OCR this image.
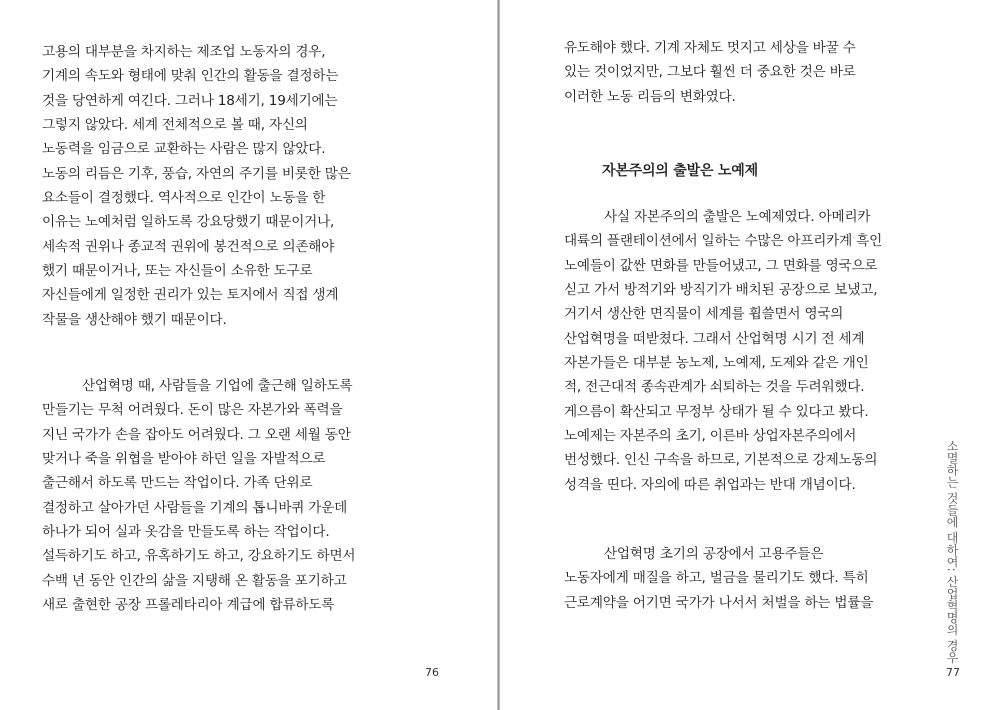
고용의 대부분을 차지하는 제조업 노동자의 경우,
기계의 속도와 형태에 맞춰 인간의 활동을 결정하는
것을 당연하게 여긴다. 그러나 18세기, 19세기에는
그렇지 않았다. 세계 전체적으로 볼 때, 자신의
노동력을 임금으로 교환하는 사람은 많지 않았다.
노동의 리듬은 기후, 풍습, 자연의 주기를 비롯한 많은
요소들이 결정했다. 역사적으로 인간이 노동을 한
이유는 노예처럼 일하도록 강요당했기 때문이거나,
세속적 권위나 종교적 권위에 봉건적으로 의존해야
했기 때문이거나, 또는 자신들이 소유한 도구로
자신들에게 일정한 권리가 있는 토지에서 직접 생계
작물을 생산해야 했기 때문이다.
산업혁명 때, 사람들을 기업에 출근해 일하도록
만들기는 무척 어려웠다. 돈이 많은 자본가와 폭력을
지닌 국가가 손을 잡아도 어려웠다. 그 오랜 세월 동안
맞거나 죽을 위협을 받아야 하던 일을 자발적으로
출근해서 하도록 만드는 작업이다. 가족 단위로
결정하고 살아가던 사람들을 기계의 톱니바퀴 가운데
하나가 되어 실과 옷감을 만들도록 하는 작업이다.
설득하기도 하고, 유혹하기도 하고, 강요하기도 하면서
수백 년 동안 인간의 삶을 지탱해 온 활동을 포기하고
새로 출현한 공장 프롤레타리아 계급에 합류하도록
76
유도해야 했다. 기계 자체도 멋지고 세상을 바꿀 수
있는 것이었지만, 그보다 훨씬 더 중요한 것은 바로
이러한 노동 리듬의 변화였다.
자본주의의 출발은 노예제
사실 자본주의의 출발은 노예제였다. 아메리카
대륙의 플랜테이션에서 일하는 수많은 아프리카계 흑인
노예들이 값싼 면화를 만들어냈고, 그 면화를 영국으로
싣고 가서 방적기와 방직기가 배치된 공장으로 보냈고,
거기서 생산한 면직물이 세계를 휩쓸면서 영국의
산업혁명을 떠받쳤다. 그래서 산업혁명 시기 전 세계
자본가들은 대부분 농노제, 노예제, 도제와 같은 개인
적, 전근대적 종속관계가 쇠퇴하는 것을 두려워했다.
게으름이 확산되고 무정부 상태가 될 수 있다고 봤다.
노예제는 자본주의 초기, 이른바 상업자본주의에서
번성했다. 인신 구속을 하므로, 기본적으로 강제노동의
성격을 띤다. 자의에 따른 취업과는 반대 개념이다.
산업혁명 초기의 공장에서 고용주들은
노동자에게 매질을 하고, 벌금을 물리기도 했다. 특히
근로계약을 어기면 국가가 나서서 처벌을 하는 법률을
77
소멸하는 것들에 대하여: 산업혁명의 경우
